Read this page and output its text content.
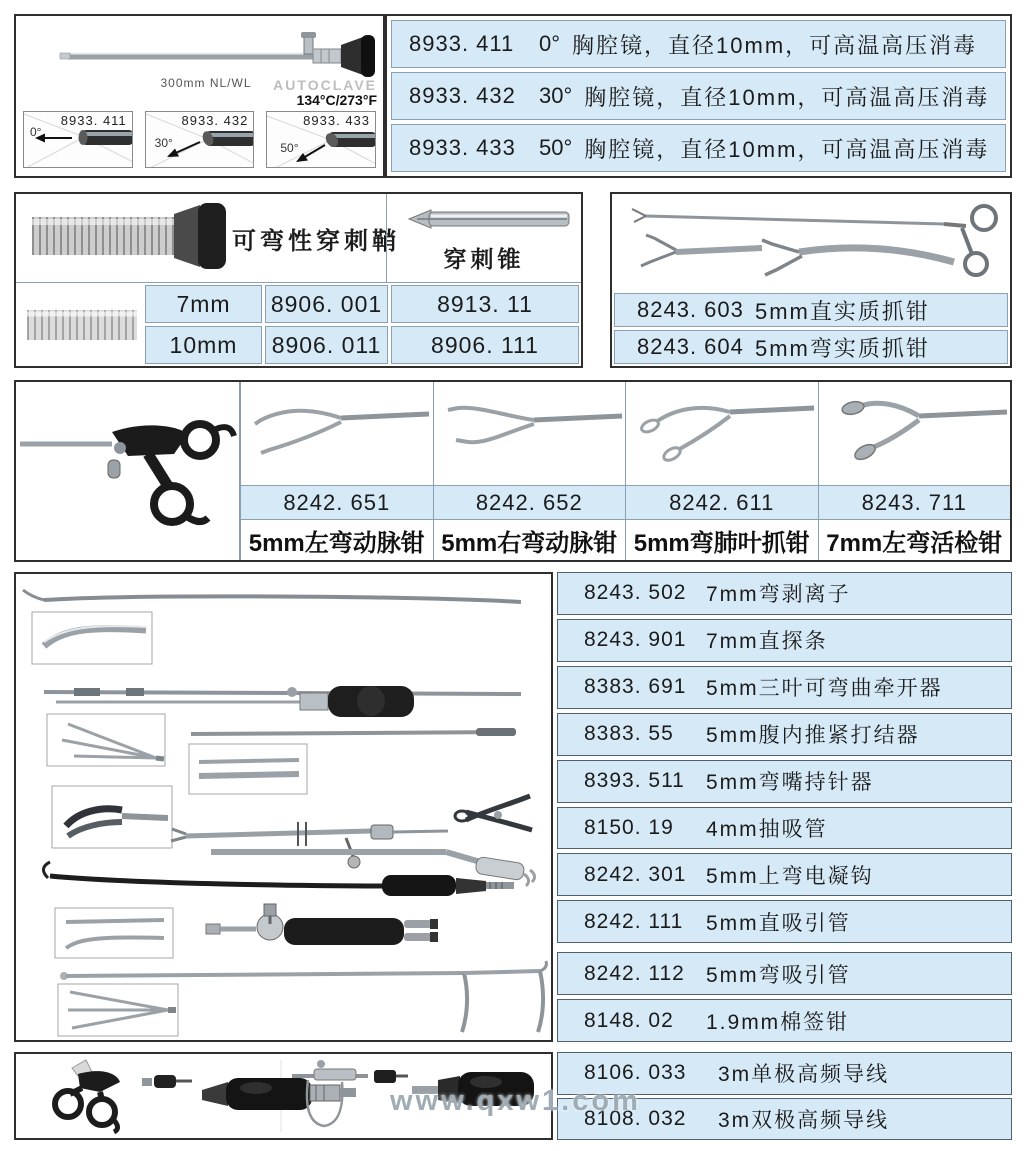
300mm NL/WL	AUTOCLAVE
134°C/273°F
8933. 411
0°
8933. 432
30°
8933. 433
50°
8933. 411	0° 胸腔镜，直径10mm，可高温高压消毒
8933. 432	30° 胸腔镜，直径10mm，可高温高压消毒
8933. 433	50° 胸腔镜，直径10mm，可高温高压消毒
可弯性穿刺鞘
穿刺锥
7mm	8906. 001	8913. 11
10mm	8906. 011	8906. 111
8243. 603 5mm直实质抓钳
8243. 604 5mm弯实质抓钳
8242. 651
5mm左弯动脉钳
8242. 652
5mm右弯动脉钳
8242. 611
5mm弯肺叶抓钳
8243. 711
7mm左弯活检钳
8243. 502 7mm弯剥离子
8243. 901 7mm直探条
8383. 691 5mm三叶可弯曲牵开器
8383. 55	5mm腹内推紧打结器
8393. 511	5mm弯嘴持针器
8150. 19	4mm抽吸管
8242. 301 5mm上弯电凝钩
8242. 111	5mm直吸引管
8242. 112	5mm弯吸引管
8148. 02	1.9mm棉签钳
8106. 033	3m单极高频导线
8108. 032	3m双极高频导线
www.qxw1.com
